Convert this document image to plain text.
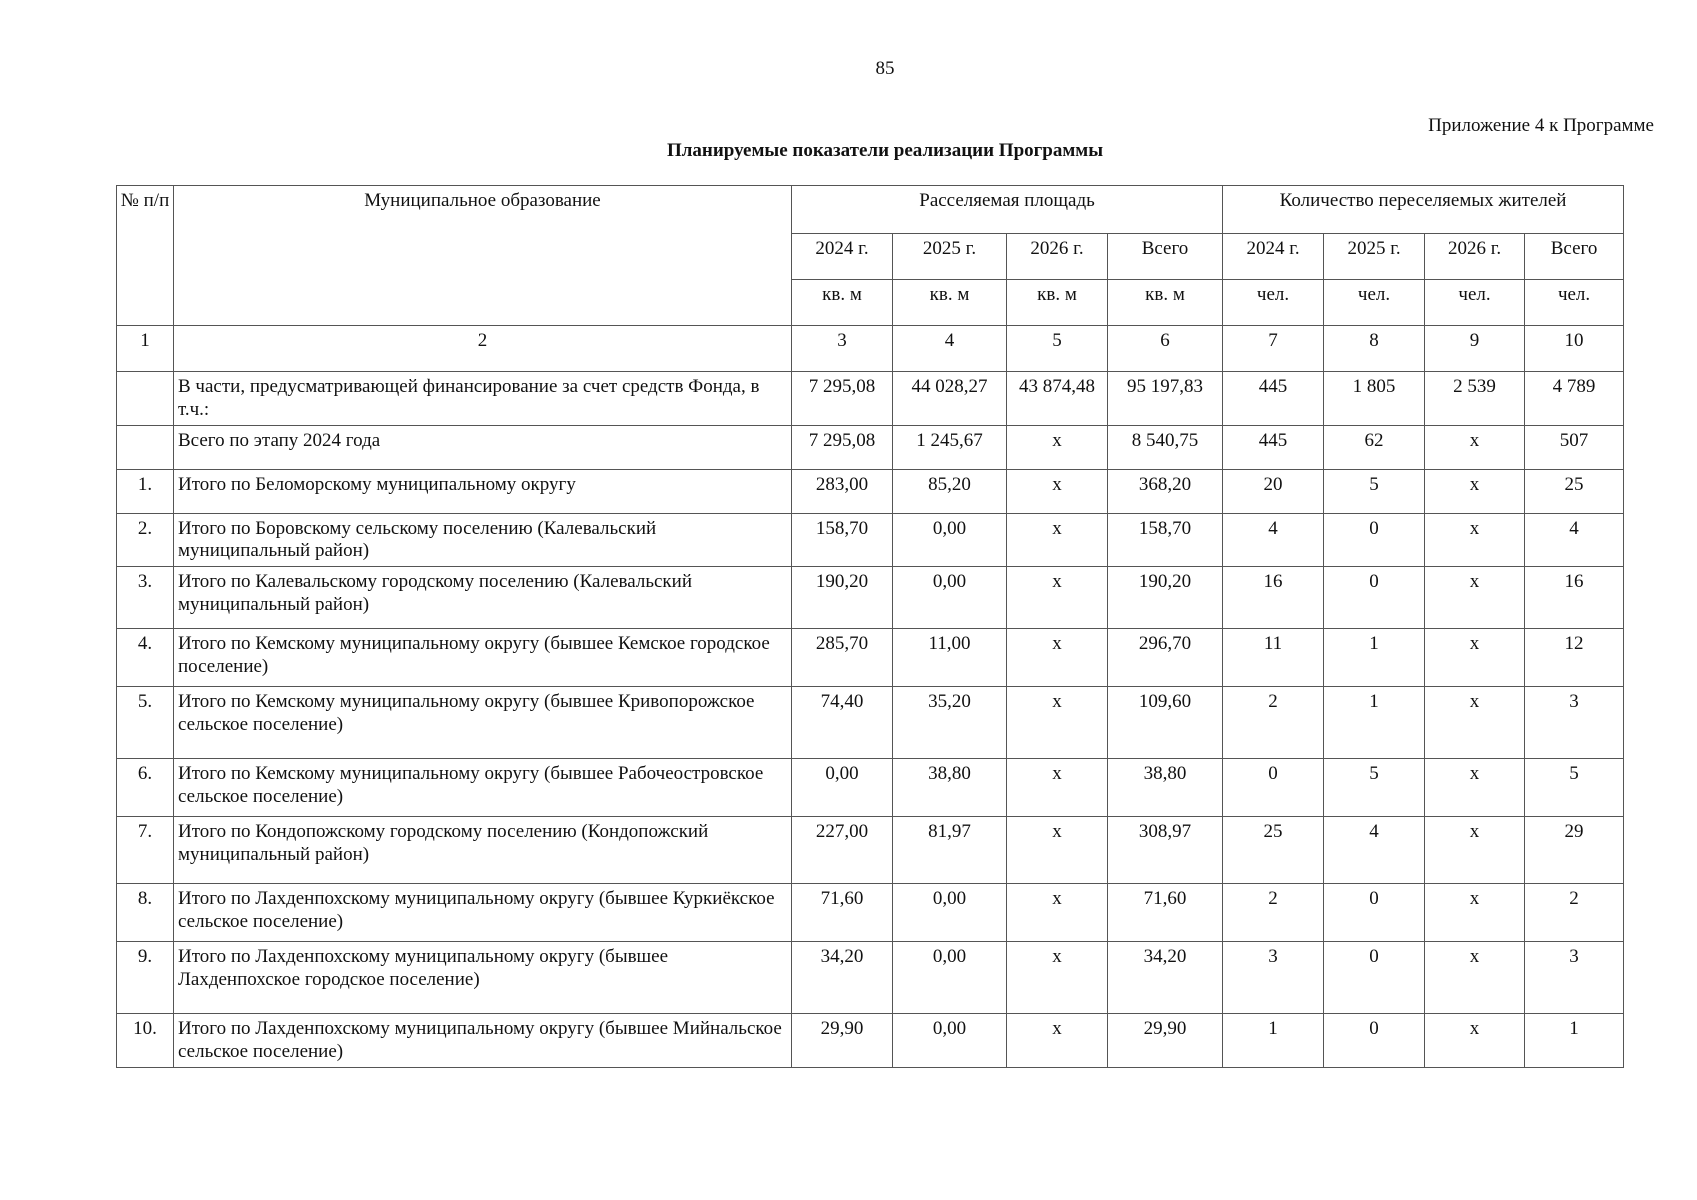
85
Приложение 4 к Программе
Планируемые показатели реализации Программы
№ п/п	Муниципальное образование	Расселяемая площадь				Количество переселяемых жителей			
		2024 г.	2025 г.	2026 г.	Всего	2024 г.	2025 г.	2026 г.	Всего
		кв. м	кв. м	кв. м	кв. м	чел.	чел.	чел.	чел.
1	2	3	4	5	6	7	8	9	10
	В части, предусматривающей финансирование за счет средств Фонда, в т.ч.:	7 295,08	44 028,27	43 874,48	95 197,83	445	1 805	2 539	4 789
	Всего по этапу 2024 года	7 295,08	1 245,67	х	8 540,75	445	62	х	507
1.	Итого по Беломорскому муниципальному округу	283,00	85,20	х	368,20	20	5	х	25
2.	Итого по Боровскому сельскому поселению (Калевальский муниципальный район)	158,70	0,00	х	158,70	4	0	х	4
3.	Итого по Калевальскому городскому поселению (Калевальский муниципальный район)	190,20	0,00	х	190,20	16	0	х	16
4.	Итого по Кемскому муниципальному округу (бывшее Кемское городское поселение)	285,70	11,00	х	296,70	11	1	х	12
5.	Итого по Кемскому муниципальному округу (бывшее Кривопорожское сельское поселение)	74,40	35,20	х	109,60	2	1	х	3
6.	Итого по Кемскому муниципальному округу (бывшее Рабочеостровское сельское поселение)	0,00	38,80	х	38,80	0	5	х	5
7.	Итого по Кондопожскому городскому поселению (Кондопожский муниципальный район)	227,00	81,97	х	308,97	25	4	х	29
8.	Итого по Лахденпохскому муниципальному округу (бывшее Куркиёкское сельское поселение)	71,60	0,00	х	71,60	2	0	х	2
9.	Итого по Лахденпохскому муниципальному округу (бывшее Лахденпохское городское поселение)	34,20	0,00	х	34,20	3	0	х	3
10.	Итого по Лахденпохскому муниципальному округу (бывшее Мийнальское сельское поселение)	29,90	0,00	х	29,90	1	0	х	1
